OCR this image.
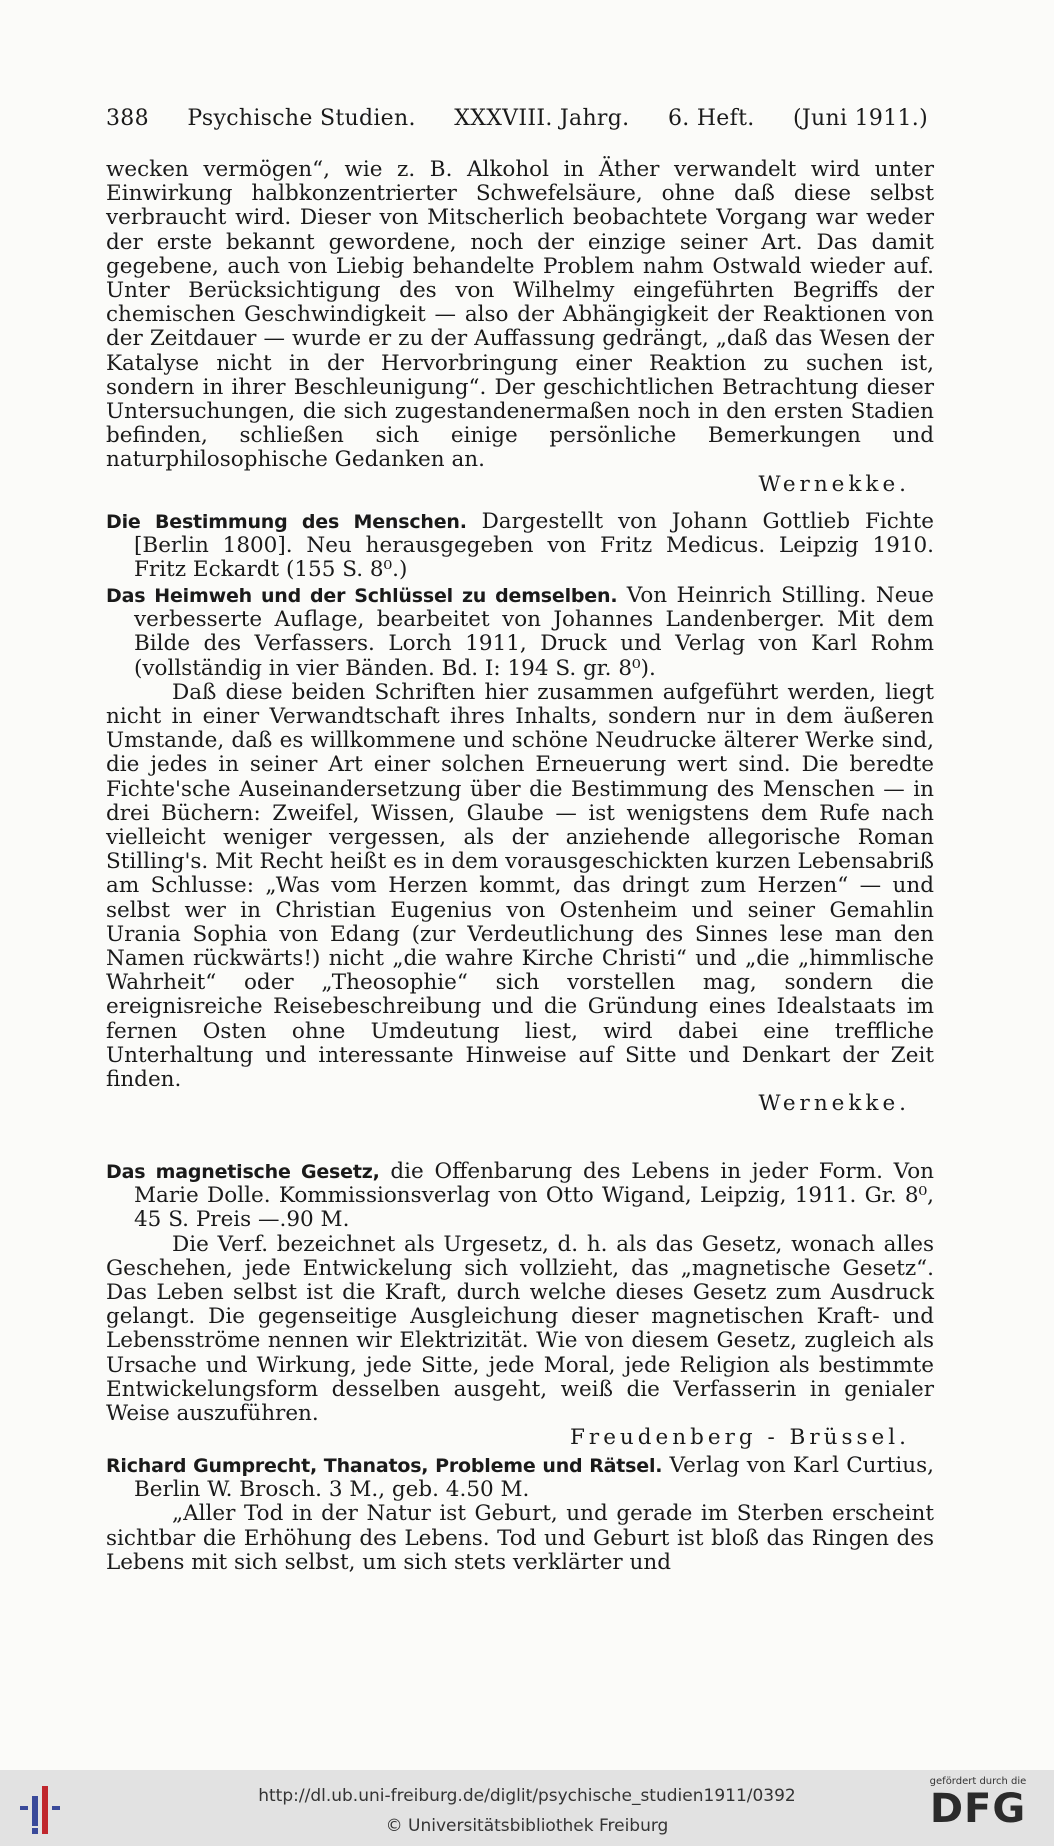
388 Psychische Studien. XXXVIII. Jahrg. 6. Heft. (Juni 1911.)

wecken vermögen“, wie z. B. Alkohol in Äther verwandelt wird unter Einwirkung halbkonzentrierter Schwefelsäure, ohne daß diese selbst verbraucht wird. Dieser von Mitscherlich beobachtete Vorgang war weder der erste bekannt gewordene, noch der einzige seiner Art. Das damit gegebene, auch von Liebig behandelte Problem nahm Ostwald wieder auf. Unter Berücksichtigung des von Wilhelmy eingeführten Begriffs der chemischen Geschwindigkeit — also der Abhängigkeit der Reaktionen von der Zeitdauer — wurde er zu der Auffassung gedrängt, „daß das Wesen der Katalyse nicht in der Hervorbringung einer Reaktion zu suchen ist, sondern in ihrer Beschleunigung“. Der geschichtlichen Betrachtung dieser Untersuchungen, die sich zugestandenermaßen noch in den ersten Stadien befinden, schließen sich einige persönliche Bemerkungen und naturphilosophische Gedanken an.

Wernekke.

Die Bestimmung des Menschen. Dargestellt von Johann Gottlieb Fichte [Berlin 1800]. Neu herausgegeben von Fritz Medicus. Leipzig 1910. Fritz Eckardt (155 S. 8⁰.)

Das Heimweh und der Schlüssel zu demselben. Von Heinrich Stilling. Neue verbesserte Auflage, bearbeitet von Johannes Landenberger. Mit dem Bilde des Verfassers. Lorch 1911, Druck und Verlag von Karl Rohm (vollständig in vier Bänden. Bd. I: 194 S. gr. 8⁰).

Daß diese beiden Schriften hier zusammen aufgeführt werden, liegt nicht in einer Verwandtschaft ihres Inhalts, sondern nur in dem äußeren Umstande, daß es willkommene und schöne Neudrucke älterer Werke sind, die jedes in seiner Art einer solchen Erneuerung wert sind. Die beredte Fichte'sche Auseinandersetzung über die Bestimmung des Menschen — in drei Büchern: Zweifel, Wissen, Glaube — ist wenigstens dem Rufe nach vielleicht weniger vergessen, als der anziehende allegorische Roman Stilling's. Mit Recht heißt es in dem vorausgeschickten kurzen Lebensabriß am Schlusse: „Was vom Herzen kommt, das dringt zum Herzen“ — und selbst wer in Christian Eugenius von Ostenheim und seiner Gemahlin Urania Sophia von Edang (zur Verdeutlichung des Sinnes lese man den Namen rückwärts!) nicht „die wahre Kirche Christi“ und „die „himmlische Wahrheit“ oder „Theosophie“ sich vorstellen mag, sondern die ereignisreiche Reisebeschreibung und die Gründung eines Idealstaats im fernen Osten ohne Umdeutung liest, wird dabei eine treffliche Unterhaltung und interessante Hinweise auf Sitte und Denkart der Zeit finden.

Wernekke.

Das magnetische Gesetz, die Offenbarung des Lebens in jeder Form. Von Marie Dolle. Kommissionsverlag von Otto Wigand, Leipzig, 1911. Gr. 8⁰, 45 S. Preis —.90 M.

Die Verf. bezeichnet als Urgesetz, d. h. als das Gesetz, wonach alles Geschehen, jede Entwickelung sich vollzieht, das „magnetische Gesetz“. Das Leben selbst ist die Kraft, durch welche dieses Gesetz zum Ausdruck gelangt. Die gegenseitige Ausgleichung dieser magnetischen Kraft- und Lebensströme nennen wir Elektrizität. Wie von diesem Gesetz, zugleich als Ursache und Wirkung, jede Sitte, jede Moral, jede Religion als bestimmte Entwickelungsform desselben ausgeht, weiß die Verfasserin in genialer Weise auszuführen.

Freudenberg - Brüssel.

Richard Gumprecht, Thanatos, Probleme und Rätsel. Verlag von Karl Curtius, Berlin W. Brosch. 3 M., geb. 4.50 M.

„Aller Tod in der Natur ist Geburt, und gerade im Sterben erscheint sichtbar die Erhöhung des Lebens. Tod und Geburt ist bloß das Ringen des Lebens mit sich selbst, um sich stets verklärter und

http://dl.ub.uni-freiburg.de/diglit/psychische_studien1911/0392
© Universitätsbibliothek Freiburg
gefördert durch die
DFG
